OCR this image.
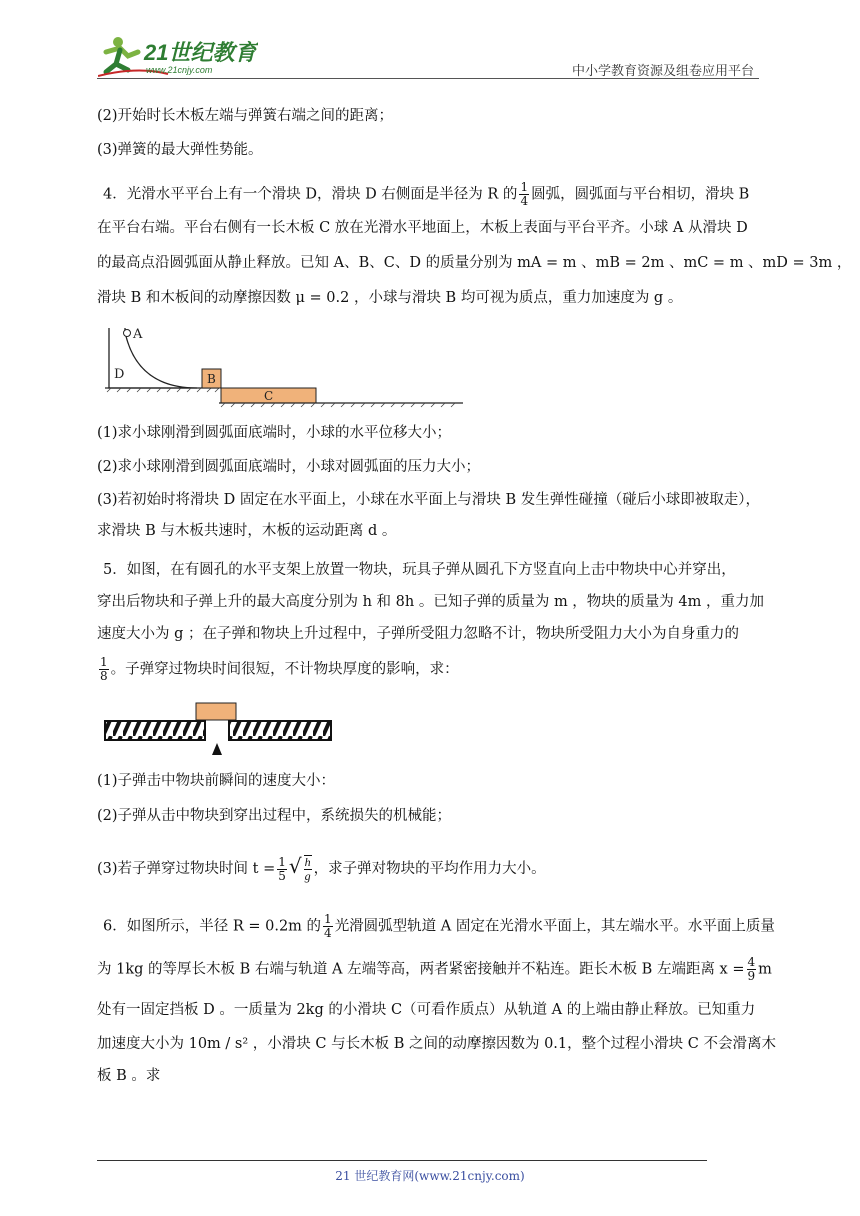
21世纪教育
www.21cnjy.com	中小学教育资源及组卷应用平台
(2)开始时长木板左端与弹簧右端之间的距离；
(3)弹簧的最大弹性势能。
4．光滑水平平台上有一个滑块 D，滑块 D 右侧面是半径为 R 的 $\frac{1}{4}$ 圆弧，圆弧面与平台相切，滑块 B
在平台右端。平台右侧有一长木板 C 放在光滑水平地面上，木板上表面与平台平齐。小球 A 从滑块 D
的最高点沿圆弧面从静止释放。已知 A、B、C、D 的质量分别为 mA = m 、mB = 2m 、mC = m 、mD = 3m ，
滑块 B 和木板间的动摩擦因数 μ = 0.2 ，小球与滑块 B 均可视为质点，重力加速度为 g 。
A
D	B
C
(1)求小球刚滑到圆弧面底端时，小球的水平位移大小；
(2)求小球刚滑到圆弧面底端时，小球对圆弧面的压力大小；
(3)若初始时将滑块 D 固定在水平面上，小球在水平面上与滑块 B 发生弹性碰撞（碰后小球即被取走），
求滑块 B 与木板共速时，木板的运动距离 d 。
5．如图，在有圆孔的水平支架上放置一物块，玩具子弹从圆孔下方竖直向上击中物块中心并穿出，
穿出后物块和子弹上升的最大高度分别为 h 和 8h 。已知子弹的质量为 m ，物块的质量为 4m ，重力加
速度大小为 g ；在子弹和物块上升过程中，子弹所受阻力忽略不计，物块所受阻力大小为自身重力的
$\frac{1}{8}$ 。子弹穿过物块时间很短，不计物块厚度的影响，求：
(1)子弹击中物块前瞬间的速度大小：
(2)子弹从击中物块到穿出过程中，系统损失的机械能；
(3)若子弹穿过物块时间 $t = \frac{1}{5}$ √ $\frac{h}{g}$ ，求子弹对物块的平均作用力大小。
6．如图所示，半径 R = 0.2m 的 $\frac{1}{4}$ 光滑圆弧型轨道 A 固定在光滑水平面上，其左端水平。水平面上质量
为 1kg 的等厚长木板 B 右端与轨道 A 左端等高，两者紧密接触并不粘连。距长木板 B 左端距离 $x = \frac{4}{9}$ m
处有一固定挡板 D 。一质量为 2kg 的小滑块 C（可看作质点）从轨道 A 的上端由静止释放。已知重力
加速度大小为 10m / s² ，小滑块 C 与长木板 B 之间的动摩擦因数为 0.1，整个过程小滑块 C 不会滑离木
板 B 。求
21 世纪教育网(www.21cnjy.com)
